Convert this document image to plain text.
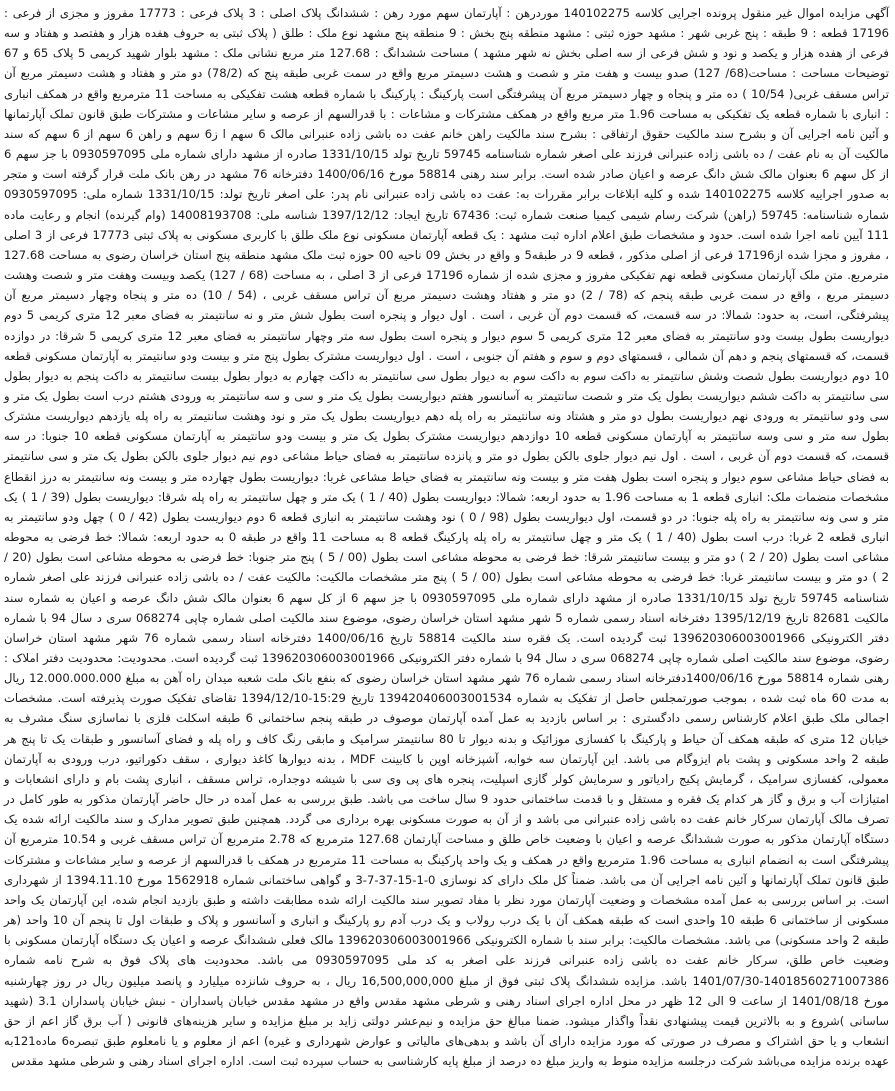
آگهی مزایده اموال غیر منقول پرونده اجرایی کلاسه 140102275 موردرهن : آپارتمان سهم مورد رهن : ششدانگ پلاک اصلی : 3 پلاک فرعی : 17773 مفروز و مجزی از فرعی : 17196 قطعه : 9 طبقه : پنج غربی شهر : مشهد حوزه ثبتی : مشهد منطقه پنج بخش : 9 منطقه پنج مشهد نوع ملک : طلق ( پلاک ثبتی به حروف هفده هزار و هفتصد و هفتاد و سه فرعی از هفده هزار و یکصد و نود و شش فرعی از سه اصلی بخش نه شهر مشهد ) مساحت ششدانگ : 127.68 متر مربع نشانی ملک : مشهد بلوار شهید کریمی 5 پلاک 65 و 67 توضیحات مساحت : مساحت(68/ 127) صدو بیست و هفت متر و شصت و هشت دسیمتر مربع واقع در سمت غربی طبقه پنج که (78/2) دو متر و هفتاد و هشت دسیمتر مربع آن تراس مسقف غربی( 10/54 ) ده متر و پنجاه و چهار دسیمتر مربع آن پیشرفتگی است پارکینگ : پارکینگ با شماره قطعه هشت تفکیکی به مساحت 11 مترمربع واقع در همکف انباری : انباری با شماره قطعه یک تفکیکی به مساحت 1.96 متر مربع واقع در همکف مشترکات و مشاعات : با قدرالسهم از عرصه و سایر مشاعات و مشترکات طبق قانون تملک آپارتمانها و آئین نامه اجرایی آن و بشرح سند مالکیت حقوق ارتفاقی : بشرح سند مالکیت راهن خانم عفت ده باشی زاده عنبرانی مالک 6 سهم ا ز6 سهم و راهن 6 سهم از 6 سهم که سند مالکیت آن به نام عفت / ده باشی زاده عنبرانی فرزند علی اصغر شماره شناسنامه 59745 تاریخ تولد 1331/10/15 صادره از مشهد دارای شماره ملی 0930597095 با جز سهم 6 از کل سهم 6 بعنوان مالک شش دانگ عرصه و اعیان صادر شده است. برابر سند رهنی 58814 مورخ 1400/06/16 دفترخانه 76 مشهد در رهن بانک ملت قرار گرفته است و متجر به صدور اجراییه کلاسه 140102275 شده و کلیه ابلاغات برابر مقررات به: عفت ده باشی زاده عنبرانی نام پدر: علی اصغر تاریخ تولد: 1331/10/15 شماره ملی: 0930597095 شماره شناسنامه: 59745 (راهن) شرکت رسام شیمی کیمیا صنعت شماره ثبت: 67436 تاریخ ایجاد: 1397/12/12 شناسه ملی: 14008193708 (وام گیرنده) انجام و رعایت ماده 111 آیین نامه اجرا شده است. حدود و مشخصات طبق اعلام اداره ثبت مشهد : یک قطعه آپارتمان مسکونی نوع ملک طلق با کاربری مسکونی به پلاک ثبتی 17773 فرعی از 3 اصلی ، مفروز و مجزا شده از17196 فرعی از اصلی مذکور ، قطعه 9 در طبقه5 و واقع در بخش 09 ناحیه 00 حوزه ثبت ملک مشهد منطقه پنج استان خراسان رضوی به مساحت 127.68 مترمربع. متن ملک آپارتمان مسکونی قطعه نهم تفکیکی مفروز و مجزی شده از شماره 17196 فرعی از 3 اصلی ، به مساحت (68 / 127) یکصد وبیست وهفت متر و شصت وهشت دسیمتر مربع ، واقع در سمت غربی طبقه پنجم که (78 / 2) دو متر و هفتاد وهشت دسیمتر مربع آن تراس مسقف غربی ، (54 / 10) ده متر و پنجاه وچهار دسیمتر مربع آن پیشرفتگی، است، به حدود: شمالا: در سه قسمت، که قسمت دوم آن غربی ، است . اول دیوار و پنجره است بطول شش متر و نه سانتیمتر به فضای معبر 12 متری کریمی 5 دوم دیواریست بطول بیست ودو سانتیمتر به فضای معبر 12 متری کریمی 5 سوم دیوار و پنجره است بطول سه متر وچهار سانتیمتر به فضای معبر 12 متری کریمی 5 شرقا: در دوازده قسمت، که قسمتهای پنجم و دهم آن شمالی ، قسمتهای دوم و سوم و هفتم آن جنوبی ، است . اول دیواریست مشترک بطول پنج متر و بیست ودو سانتیمتر به آپارتمان مسکونی قطعه 10 دوم دیواریست بطول شصت وشش سانتیمتر به داکت سوم به داکت سوم به دیوار بطول سی سانتیمتر به داکت چهارم به دیوار بطول بیست سانتیمتر به داکت پنجم به دیوار بطول سی سانتیمتر به داکت ششم دیواریست بطول یک متر و شصت سانتیمتر به آسانسور هفتم دیواریست بطول یک متر و سی و سه سانتیمتر به ورودی هشتم درب است بطول یک متر و سی ودو سانتیمتر به ورودی نهم دیواریست بطول دو متر و هشتاد ونه سانتیمتر به راه پله دهم دیواریست بطول یک متر و نود وهشت سانتیمتر به راه پله یازدهم دیواریست مشترک بطول سه متر و سی وسه سانتیمتر به آپارتمان مسکونی قطعه 10 دوازدهم دیواریست مشترک بطول یک متر و بیست ودو سانتیمتر به آپارتمان مسکونی قطعه 10 جنوبا: در سه قسمت، که قسمت دوم آن غربی ، است . اول نیم دیوار جلوی بالکن بطول دو متر و پانزده سانتیمتر به فضای حیاط مشاعی دوم نیم دیوار جلوی بالکن بطول یک متر و سی سانتیمتر به فضای حیاط مشاعی سوم دیوار و پنجره است بطول هفت متر و بیست ونه سانتیمتر به فضای حیاط مشاعی غربا: دیواریست بطول چهارده متر و بیست ونه سانتیمتر به درز انقطاع مشخصات منضمات ملک: انباری قطعه 1 به مساحت 1.96 به حدود اربعه: شمالا: دیواریست بطول (40 / 1 ) یک متر و چهل سانتیمتر به راه پله شرقا: دیواریست بطول (39 / 1 ) یک متر و سی ونه سانتیمتر به راه پله جنوبا: در دو قسمت، اول دیواریست بطول (98 / 0 ) نود وهشت سانتیمتر به انباری قطعه 6 دوم دیواریست بطول (42 / 0 ) چهل ودو سانتیمتر به انباری قطعه 2 غربا: درب است بطول (40 / 1 ) یک متر و چهل سانتیمتر به راه پله پارکینگ قطعه 8 به مساحت 11 واقع در طبقه 0 به حدود اربعه: شمالا: خط فرضی به محوطه مشاعی است بطول (20 / 2 ) دو متر و بیست سانتیمتر شرقا: خط فرضی به محوطه مشاعی است بطول (00 / 5 ) پنج متر جنوبا: خط فرضی به محوطه مشاعی است بطول (20 / 2 ) دو متر و بیست سانتیمتر غربا: خط فرضی به محوطه مشاعی است بطول (00 / 5 ) پنج متر مشخصات مالکیت: مالکیت عفت / ده باشی زاده عنبرانی فرزند علی اصغر شماره شناسنامه 59745 تاریخ تولد 1331/10/15 صادره از مشهد دارای شماره ملی 0930597095 با جز سهم 6 از کل سهم 6 بعنوان مالک شش دانگ عرصه و اعیان به شماره سند مالکیت 82681 تاریخ 1395/12/19 دفترخانه اسناد رسمی شماره 5 شهر مشهد استان خراسان رضوی، موضوع سند مالکیت اصلی شماره چاپی 068274 سری د سال 94 با شماره دفتر الکترونیکی 139620306003001966 ثبت گردیده است. یک فقره سند مالکیت 58814 تاریخ 1400/06/16 دفترخانه اسناد رسمی شماره 76 شهر مشهد استان خراسان رضوی، موضوع سند مالکیت اصلی شماره چاپی 068274 سری د سال 94 با شماره دفتر الکترونیکی 139620306003001966 ثبت گردیده است. محدودیت: محدودیت دفتر املاک : رهنی شماره 58814 مورخ 1400/06/16دفترخانه اسناد رسمی شماره 76 شهر مشهد استان خراسان رضوی که بنفع بانک ملت شعبه میدان راه آهن به مبلغ 12.000.000.000 ریال به مدت 60 ماه ثبت شده ، بموجب صورتمجلس حاصل از تفکیک به شماره 139420406003001534 تاریخ 15:29-1394/12/10 تقاضای تفکیک صورت پذیرفته است. مشخصات اجمالی ملک طبق اعلام کارشناس رسمی دادگستری : بر اساس بازدید به عمل آمده آپارتمان موصوف در طبقه پنجم ساختمانی 6 طبقه اسکلت فلزی با نماسازی سنگ مشرف به خیابان 12 متری که طبقه همکف آن حیاط و پارکینگ با کفسازی موزائیک و بدنه دیوار تا 80 سانتیمتر سرامیک و مابقی رنگ کاف و راه پله و فضای آسانسور و طبقات یک تا پنج هر طبقه 2 واحد مسکونی و پشت بام ایزوگام می باشد. این آپارتمان سه خوابه، آشپزخانه اوپن با کابینت MDF ، بدنه دیوارها کاغذ دیواری ، سقف دکوراتیو، درب ورودی به آپارتمان معمولی، کفسازی سرامیک ، گرمایش پکیج رادیاتور و سرمایش کولر گازی اسپلیت، پنجره های پی وی سی با شیشه دوجداره، تراس مسقف ، انباری پشت بام و دارای انشعابات و امتیازات آب و برق و گاز هر کدام یک فقره و مستقل و با قدمت ساختمانی حدود 9 سال ساخت می باشد. طبق بررسی به عمل آمده در حال حاضر آپارتمان مذکور به طور کامل در تصرف مالک آپارتمان سرکار خانم عفت ده باشی زاده عنبرانی می باشد و از آن به صورت مسکونی بهره برداری می گردد. همچنین طبق تصویر مدارک و سند مالکیت ارائه شده یک دستگاه آپارتمان مذکور به صورت ششدانگ عرصه و اعیان با وضعیت خاص طلق و مساحت آپارتمان 127.68 مترمربع که 2.78 مترمربع آن تراس مسقف غربی و 10.54 مترمربع آن پیشرفتگی است به انضمام انباری به مساحت 1.96 مترمربع واقع در همکف و یک واحد پارکینگ به مساحت 11 مترمربع در همکف با قدرالسهم از عرصه و سایر مشاعات و مشترکات طبق قانون تملک آپارتمانها و آئین نامه اجرایی آن می باشد. ضمناً کل ملک دارای کد نوسازی 0-1-15-37-7-3 و گواهی ساختمانی شماره 1562918 مورخ 1394.11.10 از شهرداری است. بر اساس بررسی به عمل آمده مشخصات و وضعیت آپارتمان مورد نظر با مفاد تصویر سند مالکیت ارائه شده مطابقت داشته و طبق بازدید انجام شده، این آپارتمان یک واحد مسکونی از ساختمانی 6 طبقه 10 واحدی است که طبقه همکف آن با یک درب رولاب و یک درب آدم رو پارکینگ و انباری و آسانسور و پلاک و طبقات اول تا پنجم آن 10 واحد (هر طبقه 2 واحد مسکونی) می باشد. مشخصات مالکیت: برابر سند با شماره الکترونیکی 139620306003001966 مالک فعلی ششدانگ عرصه و اعیان یک دستگاه آپارتمان مسکونی با وضعیت خاص طلق، سرکار خانم عفت ده باشی زاده عنبرانی فرزند علی اصغر به کد ملی 0930597095 می باشد. محدودیت های پلاک فوق به شرح نامه شماره 14018560271007386-1401/07/30 باشد. مزایده ششدانگ پلاک ثبتی فوق از مبلغ 16,500,000,000 ریال ، به حروف شانزده میلیارد و پانصد میلیون ریال در روز چهارشنبه مورخ 1401/08/18 از ساعت 9 الی 12 ظهر در محل اداره اجرای اسناد رهنی و شرطی مشهد مقدس واقع در مشهد مقدس خیابان پاسداران - نبش خیابان پاسداران 3.1 (شهید ساسانی )شروع و به بالاترین قیمت پیشنهادی نقداً واگذار میشود. ضمنا مبالغ حق مزایده و نیم‌عشر دولتی زاید بر مبلغ مزایده و سایر هزینه‌های قانونی ( آب برق گاز اعم از حق انشعاب و یا حق اشتراک و مصرف در صورتی که مورد مزایده دارای آن باشد و بدهی‌های مالیاتی و عوارض شهرداری و غیره) اعم از معلوم و یا نامعلوم طبق تبصره6 ماده121به عهده برنده مزایده می‌باشد شرکت درجلسه مزایده منوط به واریز مبلغ ده درصد از مبلغ پایه کارشناسی به حساب سپرده ثبت است. اداره اجرای اسناد رهنی و شرطی مشهد مقدس
